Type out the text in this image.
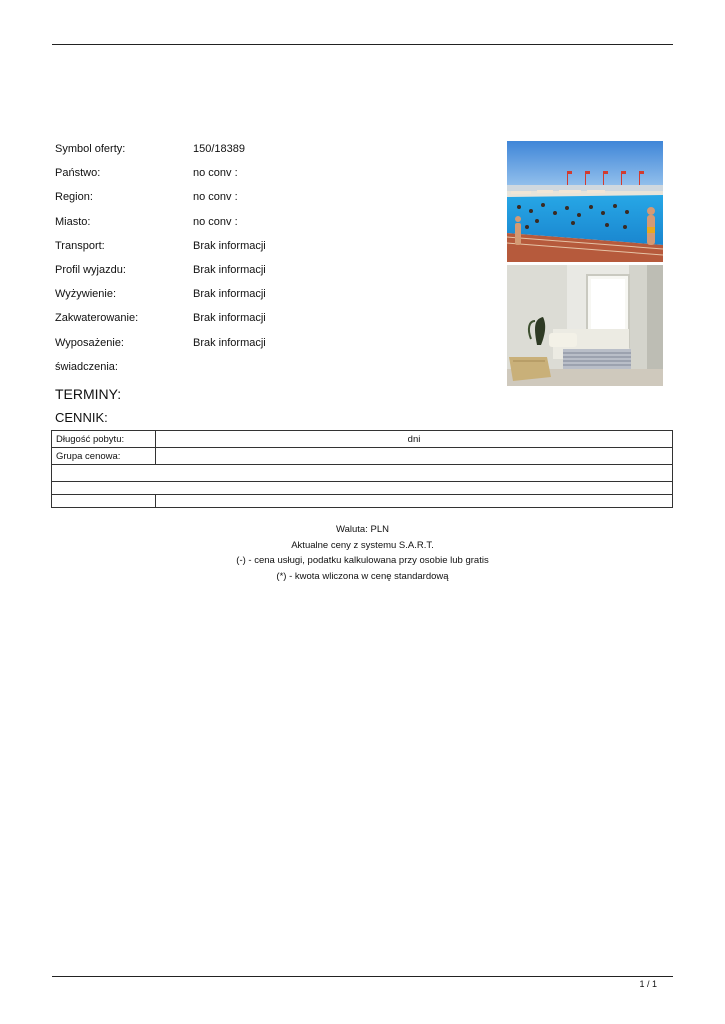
Symbol oferty:	150/18389
Państwo:	no conv :
Region:	no conv :
Miasto:	no conv :
Transport:	Brak informacji
Profil wyjazdu:	Brak informacji
Wyżywienie:	Brak informacji
Zakwaterowanie:	Brak informacji
Wyposażenie:	Brak informacji
świadczenia:
TERMINY:
CENNIK:
Długość pobytu:	dni
Grupa cenowa:	

Waluta: PLN
Aktualne ceny z systemu S.A.R.T.
(-) - cena usługi, podatku kalkulowana przy osobie lub gratis
(*) - kwota wliczona w cenę standardową
1 / 1
